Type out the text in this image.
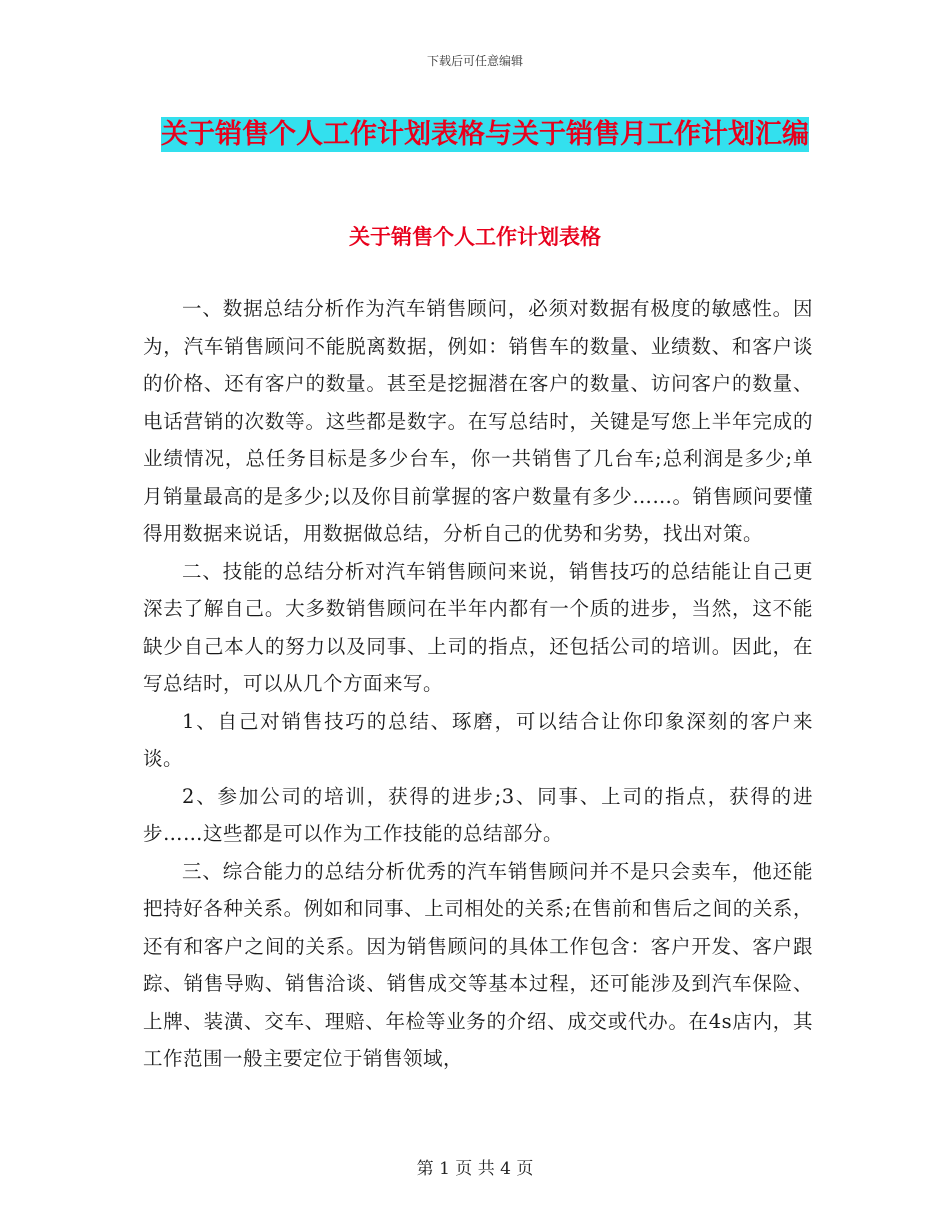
下载后可任意编辑
关于销售个人工作计划表格与关于销售月工作计划汇编
关于销售个人工作计划表格

一、数据总结分析作为汽车销售顾问，必须对数据有极度的敏感性。因为，汽车销售顾问不能脱离数据，例如：销售车的数量、业绩数、和客户谈的价格、还有客户的数量。甚至是挖掘潜在客户的数量、访问客户的数量、电话营销的次数等。这些都是数字。在写总结时，关键是写您上半年完成的业绩情况，总任务目标是多少台车，你一共销售了几台车;总利润是多少;单月销量最高的是多少;以及你目前掌握的客户数量有多少……。销售顾问要懂得用数据来说话，用数据做总结，分析自己的优势和劣势，找出对策。

二、技能的总结分析对汽车销售顾问来说，销售技巧的总结能让自己更深去了解自己。大多数销售顾问在半年内都有一个质的进步，当然，这不能缺少自己本人的努力以及同事、上司的指点，还包括公司的培训。因此，在写总结时，可以从几个方面来写。

1、自己对销售技巧的总结、琢磨，可以结合让你印象深刻的客户来谈。

2、参加公司的培训，获得的进步;3、同事、上司的指点，获得的进步……这些都是可以作为工作技能的总结部分。

三、综合能力的总结分析优秀的汽车销售顾问并不是只会卖车，他还能把持好各种关系。例如和同事、上司相处的关系;在售前和售后之间的关系，还有和客户之间的关系。因为销售顾问的具体工作包含：客户开发、客户跟踪、销售导购、销售洽谈、销售成交等基本过程，还可能涉及到汽车保险、上牌、装潢、交车、理赔、年检等业务的介绍、成交或代办。在4s店内，其工作范围一般主要定位于销售领域，

第 1 页 共 4 页
